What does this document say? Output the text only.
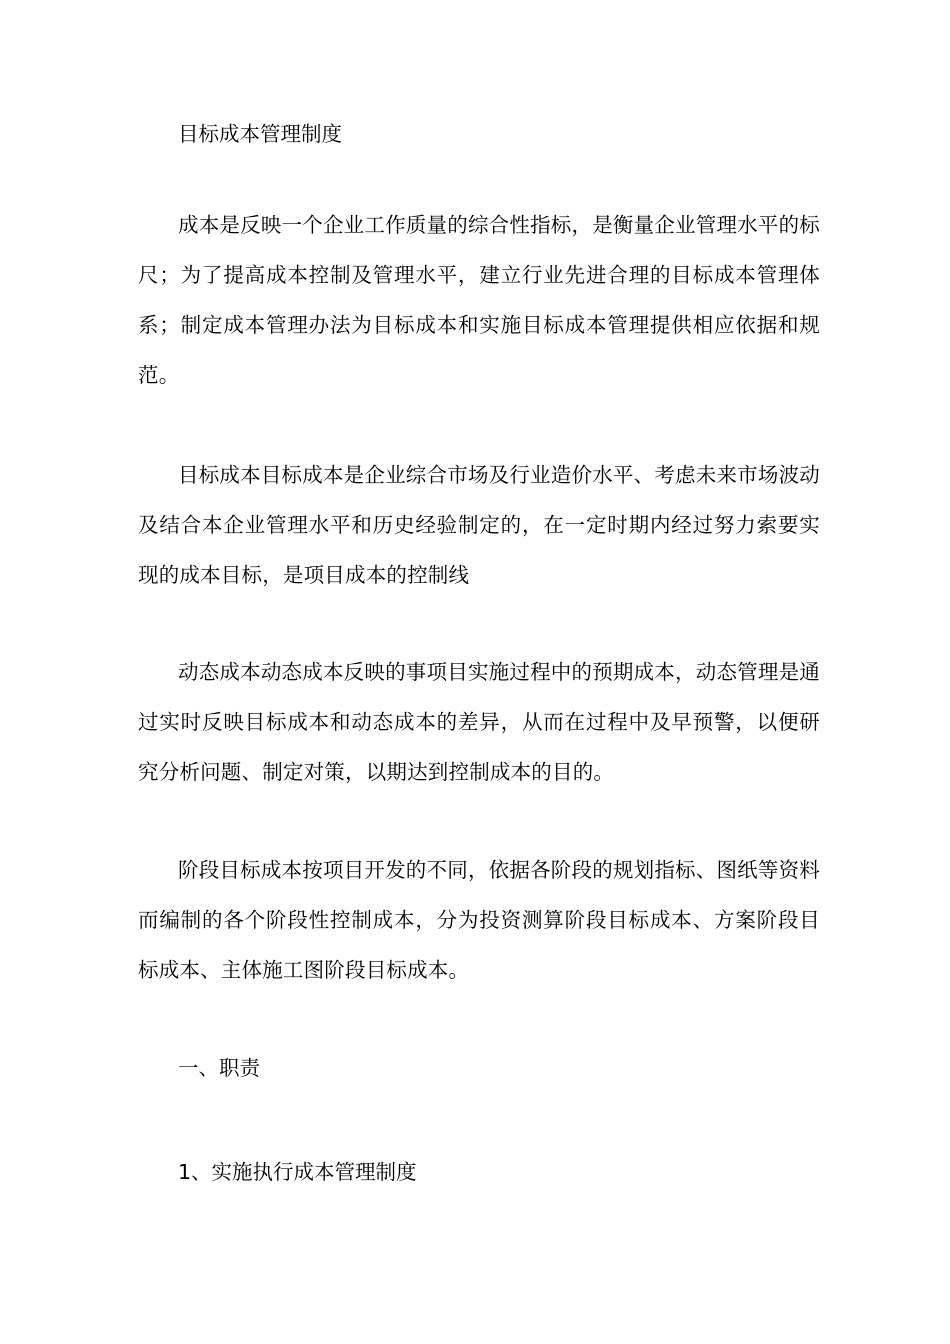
目标成本管理制度

成本是反映一个企业工作质量的综合性指标，是衡量企业管理水平的标尺；为了提高成本控制及管理水平，建立行业先进合理的目标成本管理体系；制定成本管理办法为目标成本和实施目标成本管理提供相应依据和规范。

目标成本目标成本是企业综合市场及行业造价水平、考虑未来市场波动及结合本企业管理水平和历史经验制定的，在一定时期内经过努力索要实现的成本目标，是项目成本的控制线

动态成本动态成本反映的事项目实施过程中的预期成本，动态管理是通过实时反映目标成本和动态成本的差异，从而在过程中及早预警，以便研究分析问题、制定对策，以期达到控制成本的目的。

阶段目标成本按项目开发的不同，依据各阶段的规划指标、图纸等资料而编制的各个阶段性控制成本，分为投资测算阶段目标成本、方案阶段目标成本、主体施工图阶段目标成本。

一、职责
1、实施执行成本管理制度
